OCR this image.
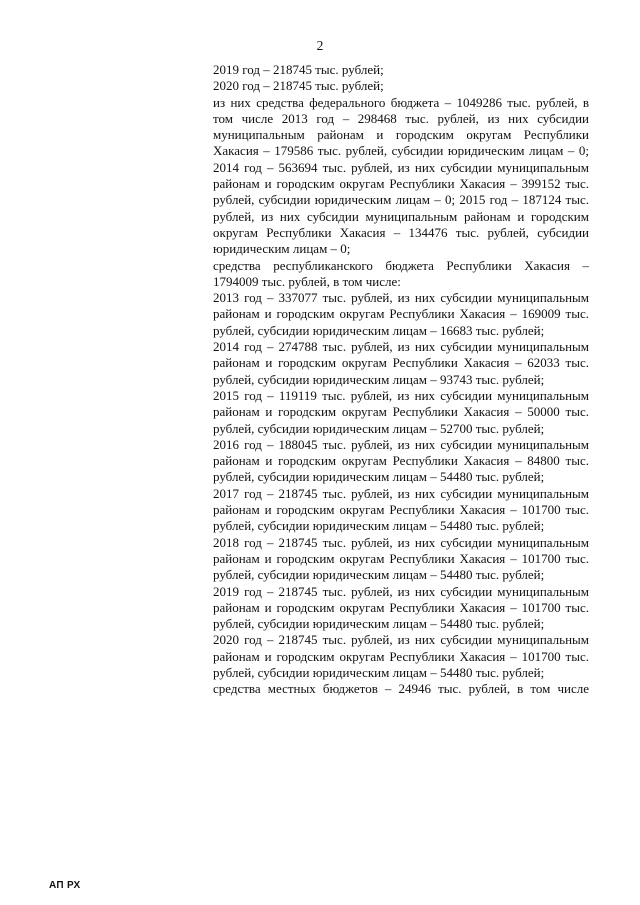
2
2019 год – 218745 тыс. рублей;
2020 год – 218745 тыс. рублей;
из них средства федерального бюджета – 1049286 тыс. рублей, в том числе 2013 год – 298468 тыс. рублей, из них субсидии муниципальным районам и городским округам Республики Хакасия – 179586 тыс. рублей, субсидии юридическим лицам – 0; 2014 год – 563694 тыс. рублей, из них субсидии муниципальным районам и городским округам Республики Хакасия – 399152 тыс. рублей, субсидии юридическим лицам – 0; 2015 год – 187124 тыс. рублей, из них субсидии муниципальным районам и городским округам Республики Хакасия – 134476 тыс. рублей, субсидии юридическим лицам – 0;
средства республиканского бюджета Республики Хакасия – 1794009 тыс. рублей, в том числе:
2013 год – 337077 тыс. рублей, из них субсидии муниципальным районам и городским округам Республики Хакасия – 169009 тыс. рублей, субсидии юридическим лицам – 16683 тыс. рублей;
2014 год – 274788 тыс. рублей, из них субсидии муниципальным районам и городским округам Республики Хакасия – 62033 тыс. рублей, субсидии юридическим лицам – 93743 тыс. рублей;
2015 год – 119119 тыс. рублей, из них субсидии муниципальным районам и городским округам Республики Хакасия – 50000 тыс. рублей, субсидии юридическим лицам – 52700 тыс. рублей;
2016 год – 188045 тыс. рублей, из них субсидии муниципальным районам и городским округам Республики Хакасия – 84800 тыс. рублей, субсидии юридическим лицам – 54480 тыс. рублей;
2017 год – 218745 тыс. рублей, из них субсидии муниципальным районам и городским округам Республики Хакасия – 101700 тыс. рублей, субсидии юридическим лицам – 54480 тыс. рублей;
2018 год – 218745 тыс. рублей, из них субсидии муниципальным районам и городским округам Республики Хакасия – 101700 тыс. рублей, субсидии юридическим лицам – 54480 тыс. рублей;
2019 год – 218745 тыс. рублей, из них субсидии муниципальным районам и городским округам Республики Хакасия – 101700 тыс. рублей, субсидии юридическим лицам – 54480 тыс. рублей;
2020 год – 218745 тыс. рублей, из них субсидии муниципальным районам и городским округам Республики Хакасия – 101700 тыс. рублей, субсидии юридическим лицам – 54480 тыс. рублей;
средства местных бюджетов – 24946 тыс. рублей, в том числе
АП РХ
